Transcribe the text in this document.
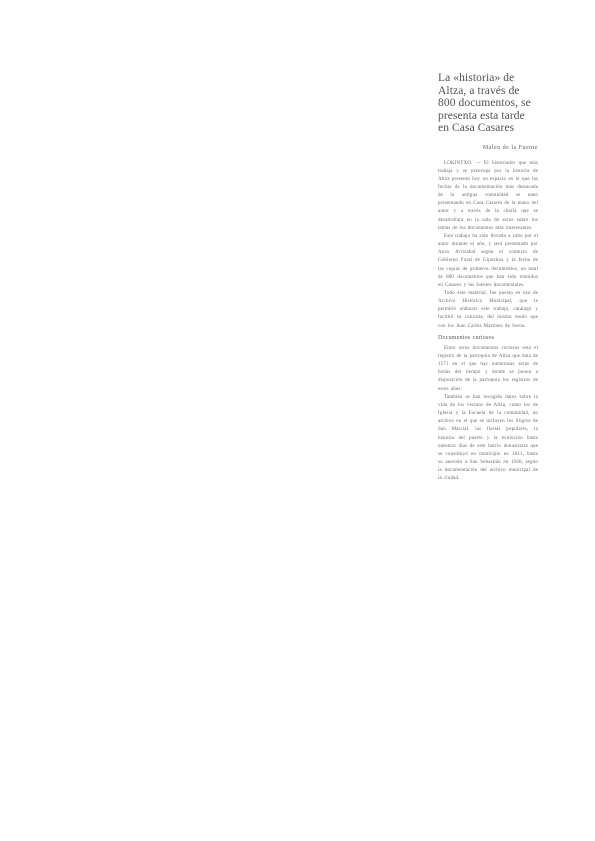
La «historia» de
Altza, a través de
800 documentos, se
presenta esta tarde
en Casa Casares
Malen de la Fuente

LOKINTXO. — El historiador que más trabaja y se preocupa por la historia de Altza presentó hoy un espacio en el que las fechas de la documentación más destacada de la antigua comunidad se unen presentando en Casa Casares de la mano del autor y a través de la charla que se desarrollará en la sala de actos sobre los temas de los documentos más interesantes.

Este trabajo ha sido llevado a cabo por el autor durante el año, y será presentado por Anxo Arrizabal según el contexto de Gobierno Foral de Gipuzkoa y la fecha de las copias de primeros documentos, un total de 800 documentos que han sido reunidos en Casares y las fuentes documentales.

Todo este material, fue puesto en uso de Archivo Histórico Municipal, que le permitió elaborar este trabajo, catalogó y facilitó su consulta, del mismo modo que con los Juan Carlos Martínez de Soroa.

Documentos curiosos

Entre otros documentos curiosos está el registro de la parroquia de Altza que data de 1571 en el que hay numerosas actas de bodas del tiempo y donde se ponen a disposición de la parroquia los registros de estos años.

También se han recogido datos sobre la vida de los vecinos de Altza, como los de Iglesia y la Escuela de la comunidad, un archivo en el que se incluyen los litigios de San Marcial, las fiestas populares, la historia del puerto y la evolución hasta nuestros días de este barrio donostiarra que se constituyó en municipio en 1821, hasta su anexión a San Sebastián en 1940, según la documentación del archivo municipal de la ciudad.
